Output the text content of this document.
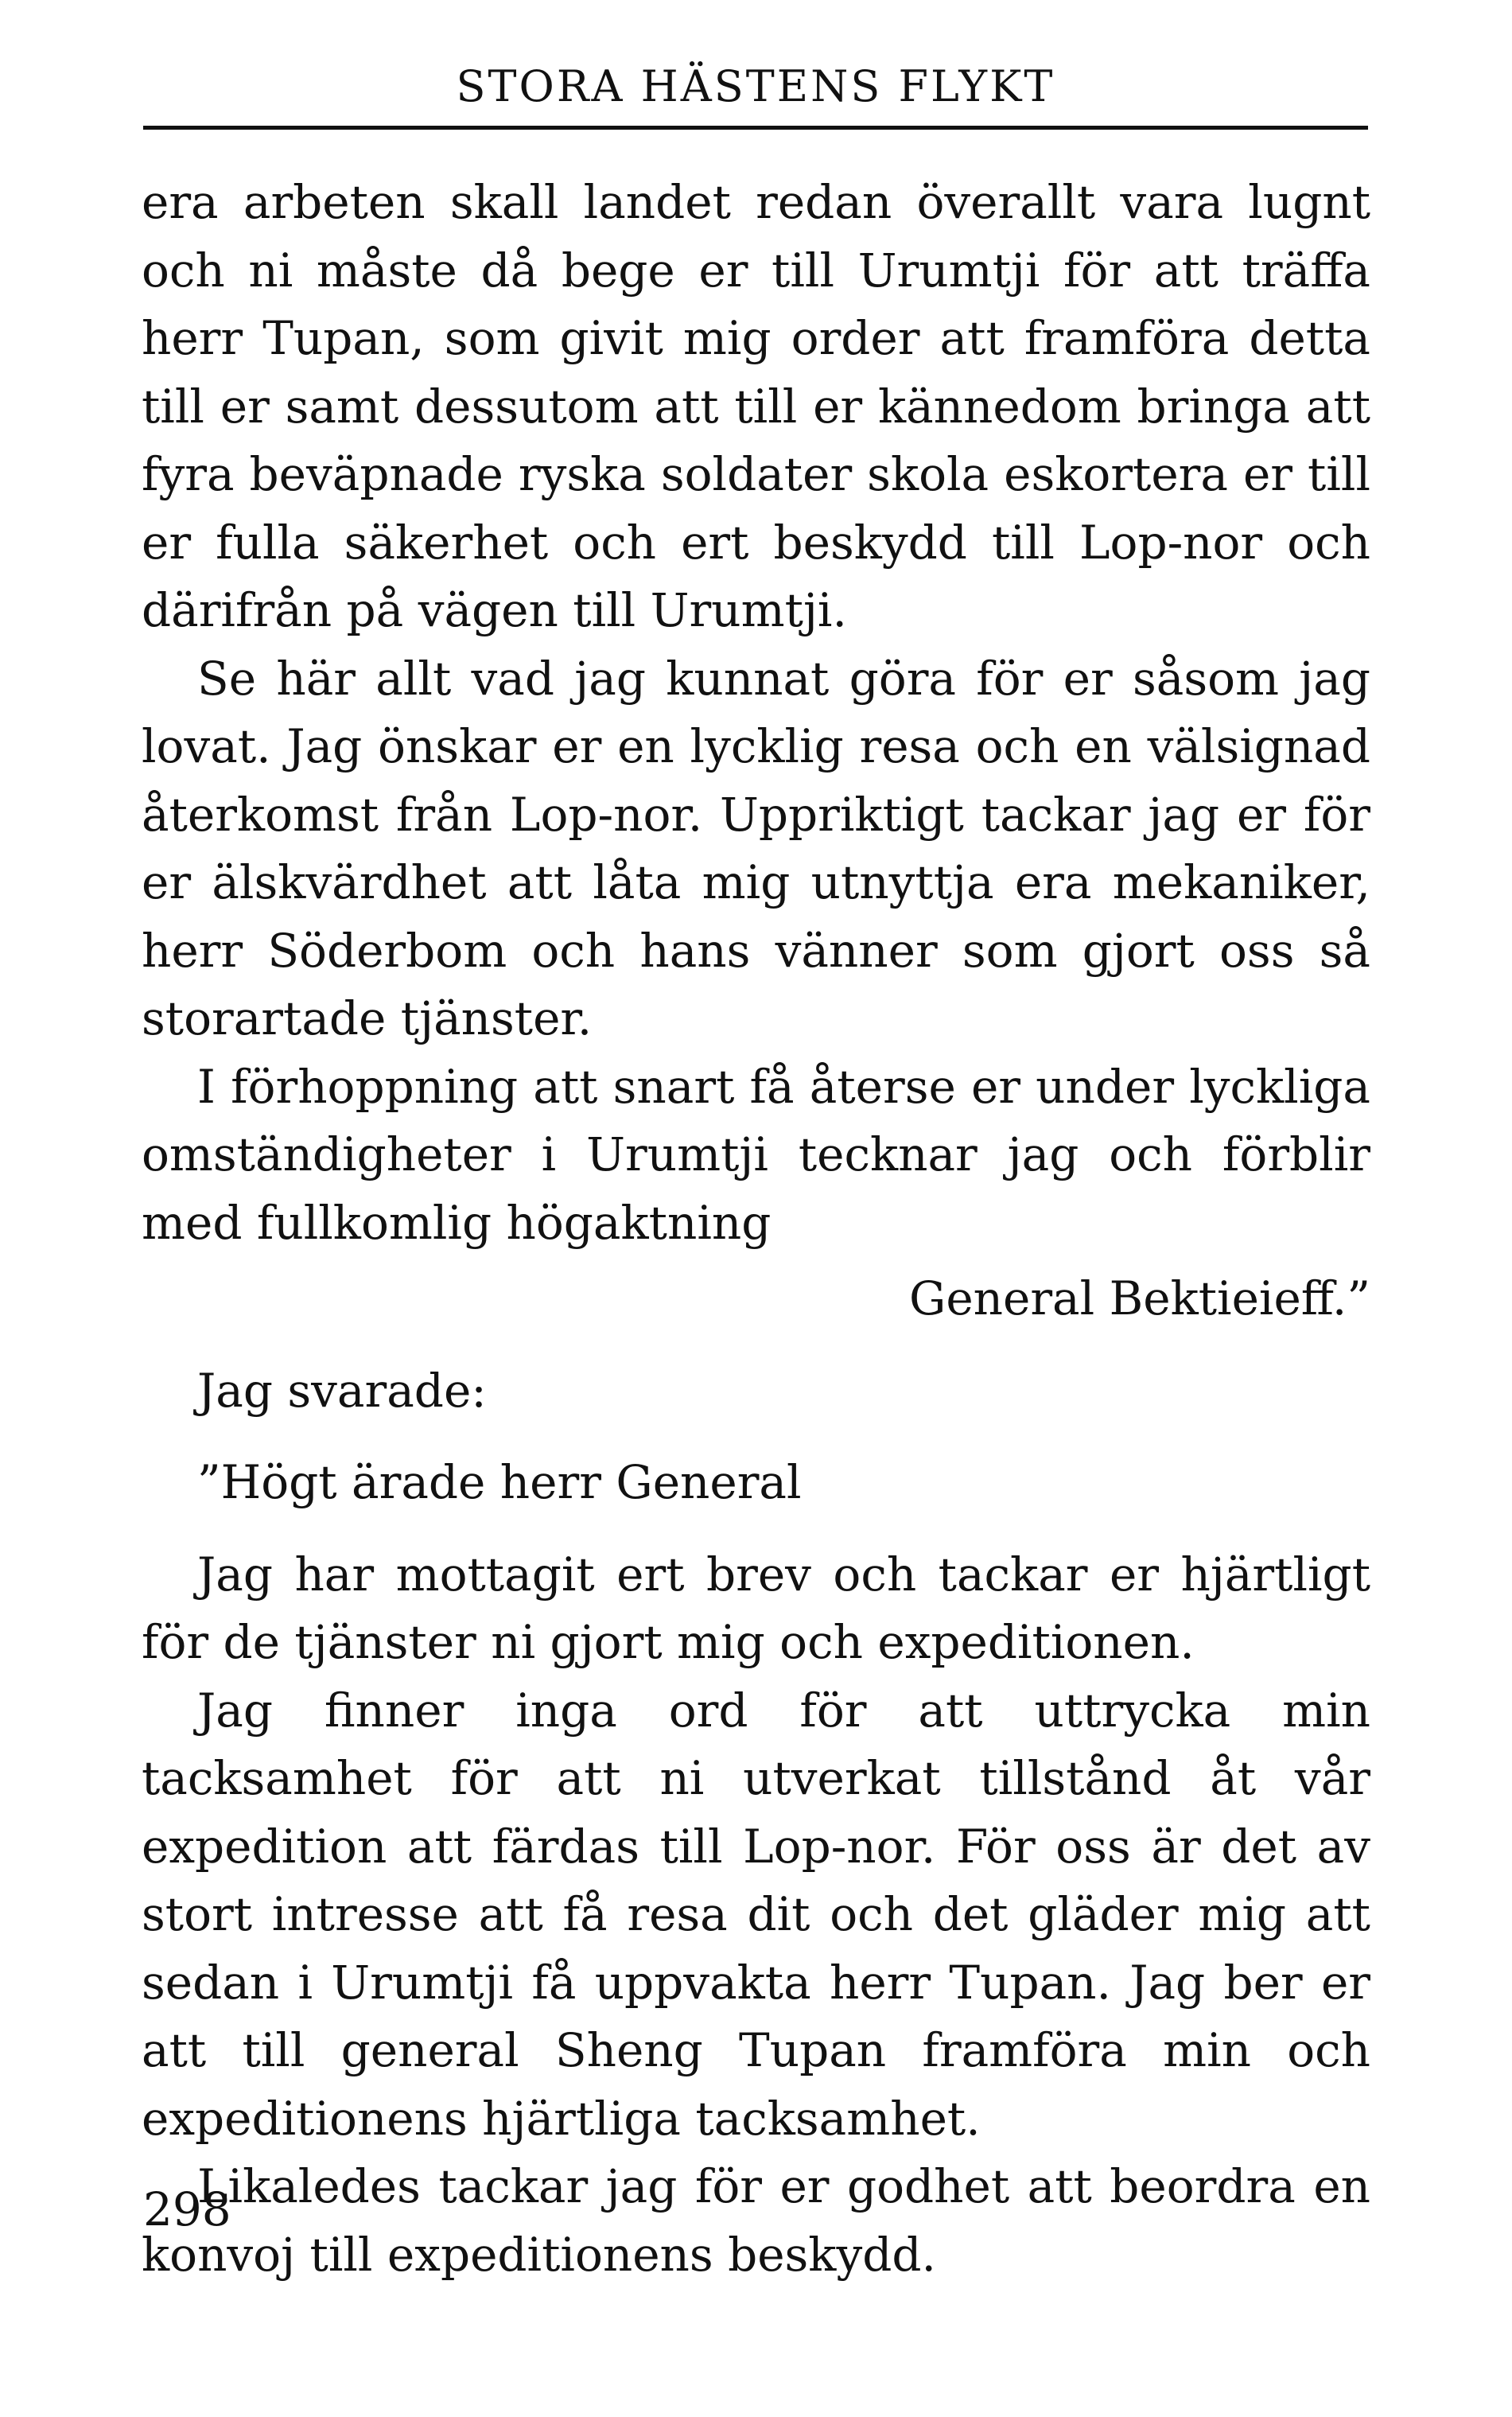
STORA HÄSTENS FLYKT

era arbeten skall landet redan överallt vara lugnt och ni måste då bege er till Urumtji för att träffa herr Tupan, som givit mig order att framföra detta till er samt dessutom att till er kännedom bringa att fyra beväpnade ryska soldater skola eskortera er till er fulla säkerhet och ert beskydd till Lop-nor och därifrån på vägen till Urumtji.

Se här allt vad jag kunnat göra för er såsom jag lovat. Jag önskar er en lycklig resa och en välsignad återkomst från Lop-nor. Uppriktigt tackar jag er för er älskvärdhet att låta mig utnyttja era mekaniker, herr Söderbom och hans vänner som gjort oss så storartade tjänster.

I förhoppning att snart få återse er under lyckliga omständigheter i Urumtji tecknar jag och förblir med fullkomlig högaktning

General Bektieieff.”

Jag svarade:

”Högt ärade herr General

Jag har mottagit ert brev och tackar er hjärtligt för de tjänster ni gjort mig och expeditionen.

Jag finner inga ord för att uttrycka min tacksamhet för att ni utverkat tillstånd åt vår expedition att färdas till Lop-nor. För oss är det av stort intresse att få resa dit och det gläder mig att sedan i Urumtji få uppvakta herr Tupan. Jag ber er att till general Sheng Tupan framföra min och expeditionens hjärtliga tacksamhet.

Likaledes tackar jag för er godhet att beordra en konvoj till expeditionens beskydd.

298
